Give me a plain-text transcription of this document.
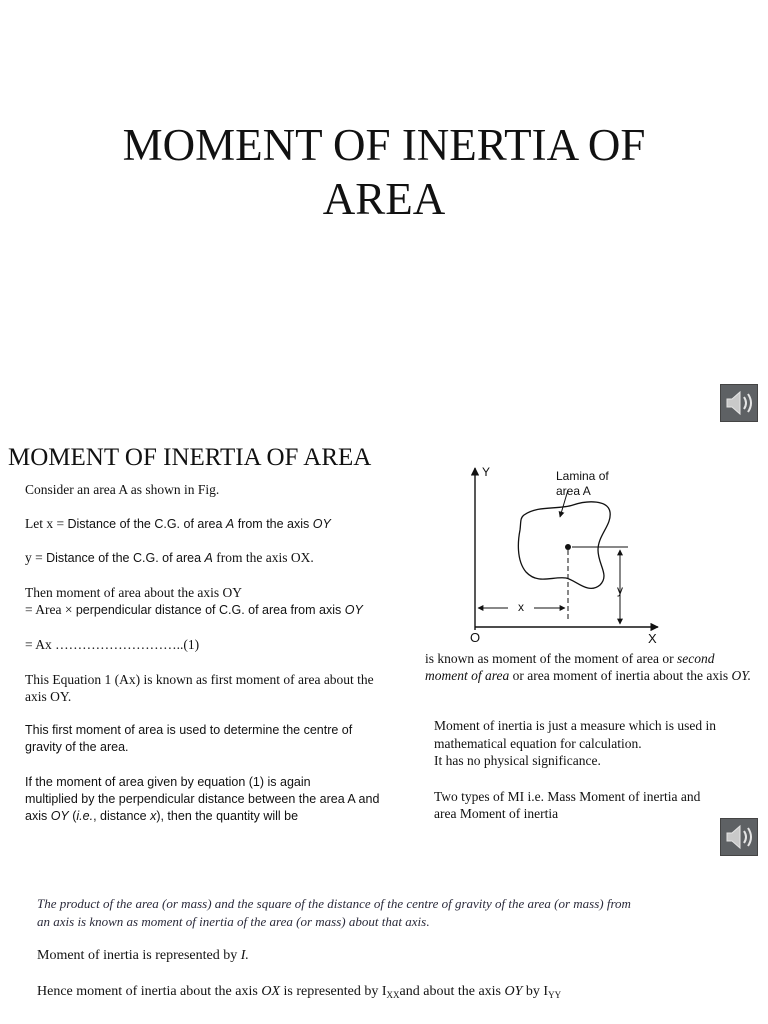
MOMENT OF INERTIA OF
AREA
MOMENT OF INERTIA OF AREA
Consider an area A as shown in Fig.
Let x = Distance of the C.G. of area A from the axis OY
y = Distance of the C.G. of area A from the axis OX.
Then moment of area about the axis OY
= Area × perpendicular distance of C.G. of area from axis OY
= Ax ………………………..(1)
This Equation 1 (Ax) is known as first moment of area about the
axis OY.
This first moment of area is used to determine the centre of
gravity of the area.
If the moment of area given by equation (1) is again
multiplied by the perpendicular distance between the area A and
axis OY (i.e., distance x), then the quantity will be
Y
X
O
Lamina of
area A
x
y
is known as moment of the moment of area or second moment of area or area moment of inertia about the axis OY.
Moment of inertia is just a measure which is used in
mathematical equation for calculation.
It has no physical significance.
Two types of MI i.e. Mass Moment of inertia and
area Moment of inertia
The product of the area (or mass) and the square of the distance of the centre of gravity of the area (or mass) from
an axis is known as moment of inertia of the area (or mass) about that axis.
Moment of inertia is represented by I.
Hence moment of inertia about the axis OX is represented by $I_{XX}and$ about the axis OY by $I_{YY}$
